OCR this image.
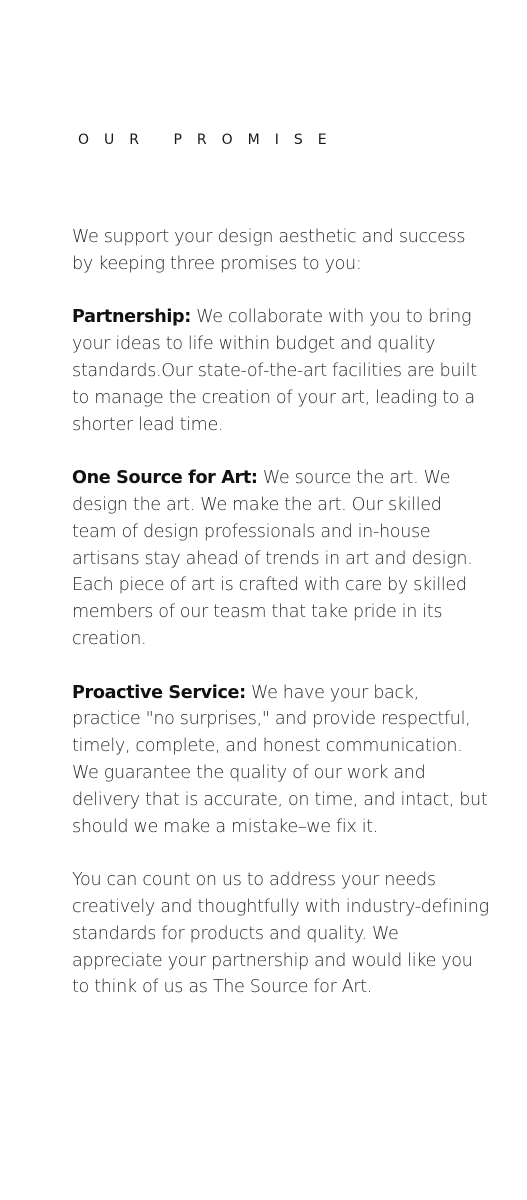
OUR PROMISE

We support your design aesthetic and success by keeping three promises to you:

Partnership: We collaborate with you to bring your ideas to life within budget and quality standards.Our state-of-the-art facilities are built to manage the creation of your art, leading to a shorter lead time.

One Source for Art: We source the art. We design the art. We make the art. Our skilled team of design professionals and in-house artisans stay ahead of trends in art and design. Each piece of art is crafted with care by skilled members of our teasm that take pride in its creation.

Proactive Service: We have your back, practice "no surprises," and provide respectful, timely, complete, and honest communication. We guarantee the quality of our work and delivery that is accurate, on time, and intact, but should we make a mistake–we fix it.

You can count on us to address your needs creatively and thoughtfully with industry-defining standards for products and quality. We appreciate your partnership and would like you to think of us as The Source for Art.
